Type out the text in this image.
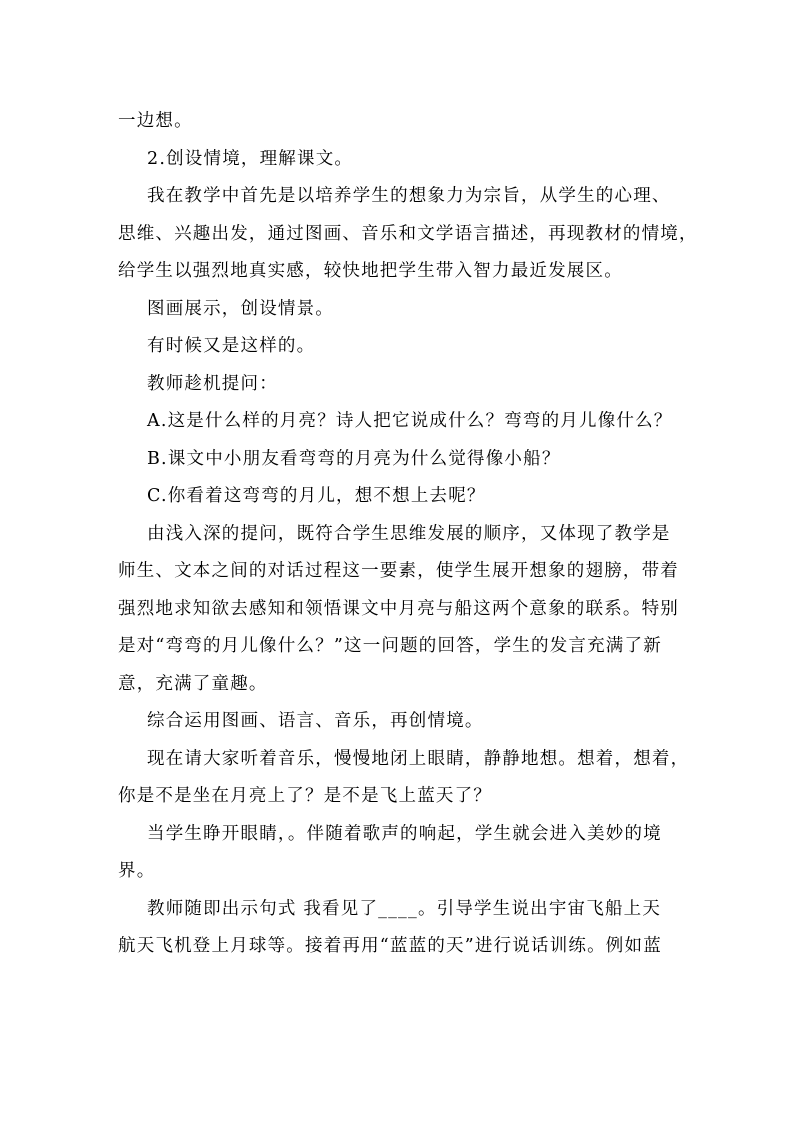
一边想。

2.创设情境，理解课文。

我在教学中首先是以培养学生的想象力为宗旨，从学生的心理、
思维、兴趣出发，通过图画、音乐和文学语言描述，再现教材的情境，
给学生以强烈地真实感，较快地把学生带入智力最近发展区。

图画展示，创设情景。

有时候又是这样的。

教师趁机提问：

A.这是什么样的月亮？诗人把它说成什么？弯弯的月儿像什么？

B.课文中小朋友看弯弯的月亮为什么觉得像小船？

C.你看着这弯弯的月儿，想不想上去呢？

由浅入深的提问，既符合学生思维发展的顺序，又体现了教学是
师生、文本之间的对话过程这一要素，使学生展开想象的翅膀，带着
强烈地求知欲去感知和领悟课文中月亮与船这两个意象的联系。特别
是对“弯弯的月儿像什么？”这一问题的回答，学生的发言充满了新
意，充满了童趣。

综合运用图画、语言、音乐，再创情境。

现在请大家听着音乐，慢慢地闭上眼睛，静静地想。想着，想着，
你是不是坐在月亮上了？是不是飞上蓝天了？

当学生睁开眼睛，。伴随着歌声的响起，学生就会进入美妙的境
界。

教师随即出示句式 我看见了____。引导学生说出宇宙飞船上天
航天飞机登上月球等。接着再用“蓝蓝的天”进行说话训练。例如蓝
